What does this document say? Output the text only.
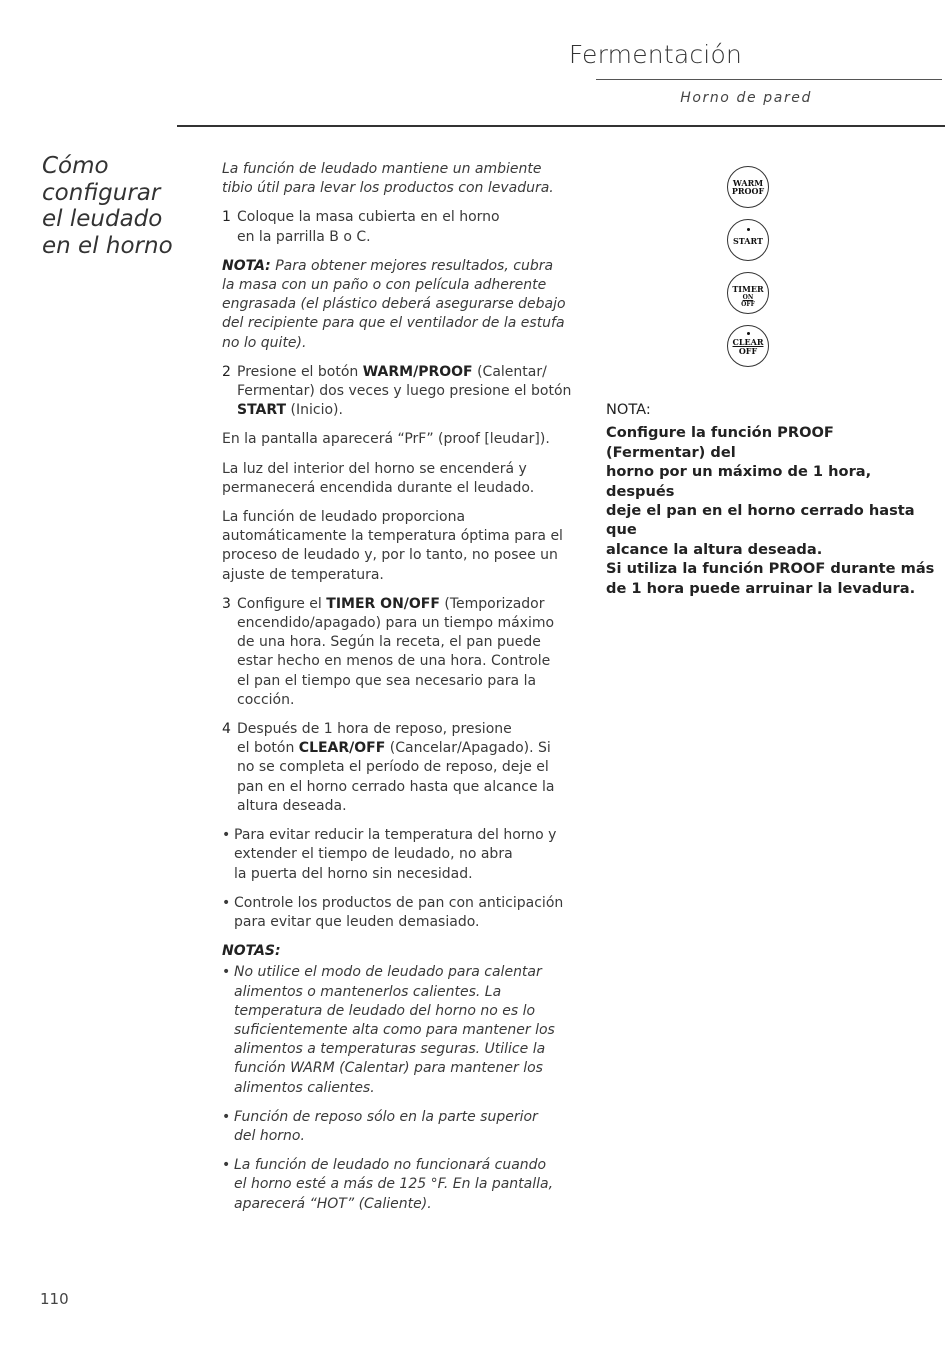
Fermentación
Horno de pared
Cómo
configurar
el leudado
en el horno

La función de leudado mantiene un ambiente
tibio útil para levar los productos con levadura.

1 Coloque la masa cubierta en el horno
en la parrilla B o C.

NOTA: Para obtener mejores resultados, cubra
la masa con un paño o con película adherente
engrasada (el plástico deberá asegurarse debajo
del recipiente para que el ventilador de la estufa
no lo quite).

2 Presione el botón WARM/PROOF (Calentar/
Fermentar) dos veces y luego presione el botón
START (Inicio).

En la pantalla aparecerá “PrF” (proof [leudar]).

La luz del interior del horno se encenderá y
permanecerá encendida durante el leudado.

La función de leudado proporciona
automáticamente la temperatura óptima para el
proceso de leudado y, por lo tanto, no posee un
ajuste de temperatura.

3 Configure el TIMER ON/OFF (Temporizador
encendido/apagado) para un tiempo máximo
de una hora. Según la receta, el pan puede
estar hecho en menos de una hora. Controle
el pan el tiempo que sea necesario para la
cocción.
4 Después de 1 hora de reposo, presione
el botón CLEAR/OFF (Cancelar/Apagado). Si
no se completa el período de reposo, deje el
pan en el horno cerrado hasta que alcance la
altura deseada.
• Para evitar reducir la temperatura del horno y
extender el tiempo de leudado, no abra
la puerta del horno sin necesidad.
• Controle los productos de pan con anticipación
para evitar que leuden demasiado.

NOTAS:

• No utilice el modo de leudado para calentar
alimentos o mantenerlos calientes. La
temperatura de leudado del horno no es lo
suficientemente alta como para mantener los
alimentos a temperaturas seguras. Utilice la
función WARM (Calentar) para mantener los
alimentos calientes.
• Función de reposo sólo en la parte superior
del horno.
• La función de leudado no funcionará cuando
el horno esté a más de 125 °F. En la pantalla,
aparecerá “HOT” (Caliente).
WARM
PROOF
START
TIMER
ON
OFF
CLEAR
OFF

NOTA:

Configure la función PROOF (Fermentar) del

horno por un máximo de 1 hora, después

deje el pan en el horno cerrado hasta que

alcance la altura deseada.

Si utiliza la función PROOF durante más

de 1 hora puede arruinar la levadura.

110
